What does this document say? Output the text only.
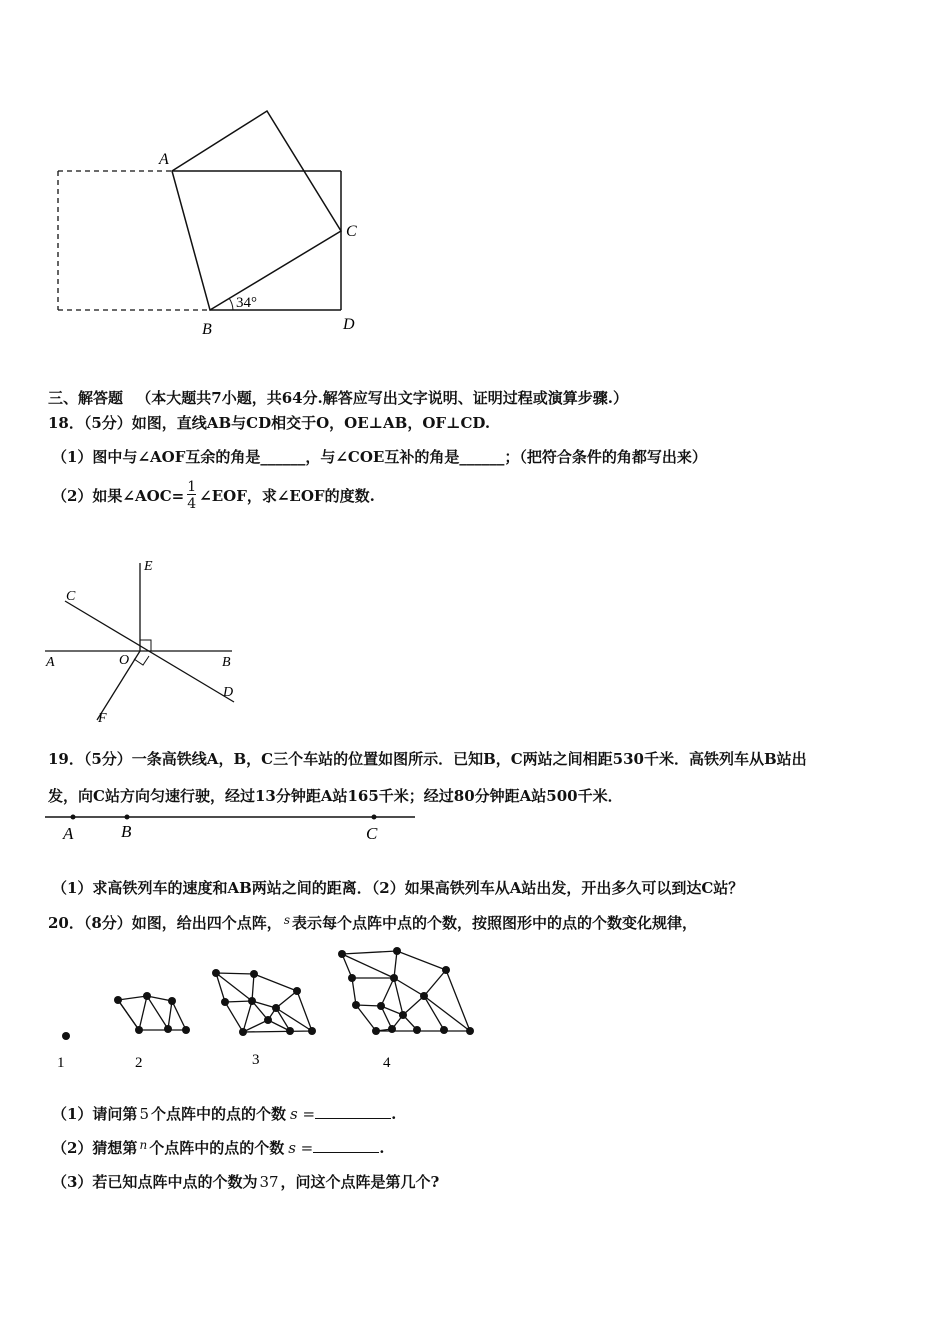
A
C
B	D
34°
三、解答题 （本大题共7小题，共64分.解答应写出文字说明、证明过程或演算步骤.）
18．（5分）如图，直线AB与CD相交于O，OE⊥AB，OF⊥CD.
（1）图中与∠AOF互余的角是______，与∠COE互补的角是______；（把符合条件的角都写出来）
（2）如果∠AOC= $\frac{1}{4}$ ∠EOF，求∠EOF的度数.
E
C
A	O	B
D
F
19．（5分）一条高铁线A，B，C三个车站的位置如图所示．已知B，C两站之间相距530千米．高铁列车从B站出
发，向C站方向匀速行驶，经过13分钟距A站165千米；经过80分钟距A站500千米．
A	B	C
（1）求高铁列车的速度和AB两站之间的距离．（2）如果高铁列车从A站出发，开出多久可以到达C站？
20．（8分）如图，给出四个点阵， $^s$ 表示每个点阵中点的个数，按照图形中的点的个数变化规律，
1	2	3	4
（1）请问第 5 个点阵中的点的个数 s =	.
（2）猜想第 $^n$ 个点阵中的点的个数 s =	.
（3）若已知点阵中点的个数为 37 ，问这个点阵是第几个?
